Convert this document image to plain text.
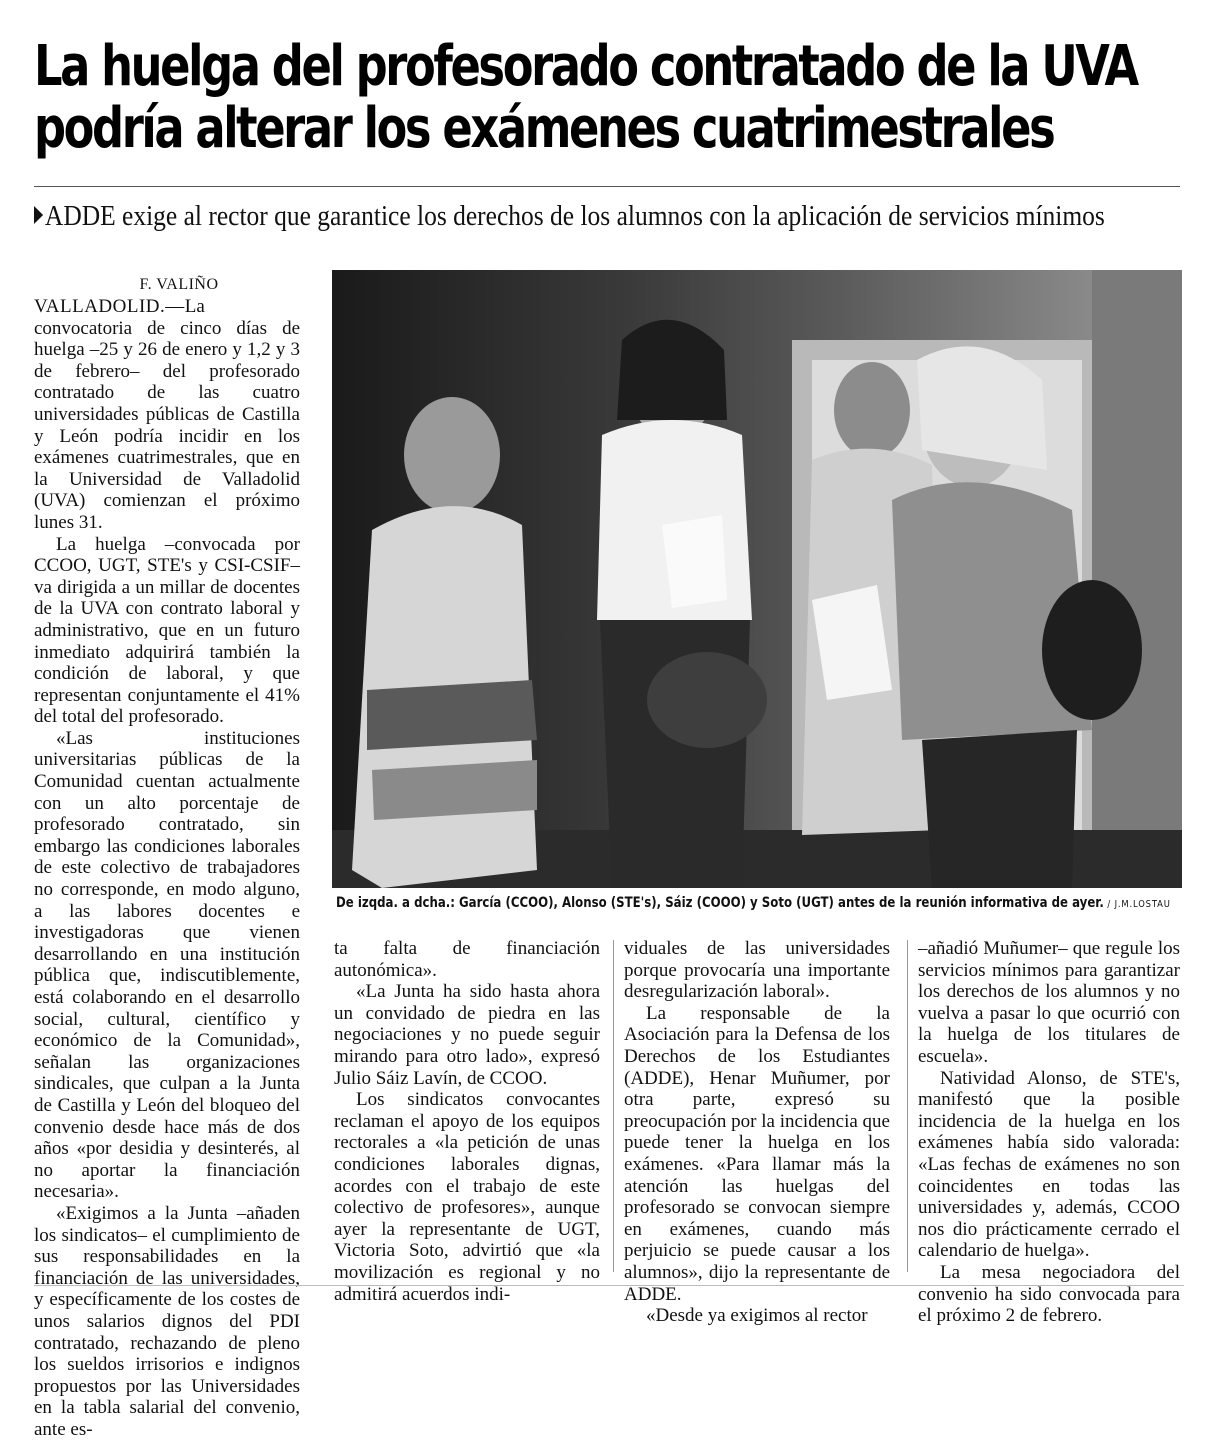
La huelga del profesorado contratado de la UVA
podría alterar los exámenes cuatrimestrales
ADDE exige al rector que garantice los derechos de los alumnos con la aplicación de servicios mínimos
F. VALIÑO

VALLADOLID.—La convocatoria de cinco días de huelga –25 y 26 de enero y 1,2 y 3 de febrero– del profesorado contratado de las cuatro universidades públicas de Castilla y León podría incidir en los exámenes cuatrimestrales, que en la Universidad de Valladolid (UVA) comienzan el próximo lunes 31.

La huelga –convocada por CCOO, UGT, STE's y CSI-CSIF– va dirigida a un millar de docentes de la UVA con contrato laboral y administrativo, que en un futuro inmediato adquirirá también la condición de laboral, y que representan conjuntamente el 41% del total del profesorado.

«Las instituciones universitarias públicas de la Comunidad cuentan actualmente con un alto porcentaje de profesorado contratado, sin embargo las condiciones laborales de este colectivo de trabajadores no corresponde, en modo alguno, a las labores docentes e investigadoras que vienen desarrollando en una institución pública que, indiscutiblemente, está colaborando en el desarrollo social, cultural, científico y económico de la Comunidad», señalan las organizaciones sindicales, que culpan a la Junta de Castilla y León del bloqueo del convenio desde hace más de dos años «por desidia y desinterés, al no aportar la financiación necesaria».

«Exigimos a la Junta –añaden los sindicatos– el cumplimiento de sus responsabilidades en la financiación de las universidades, y específicamente de los costes de unos salarios dignos del PDI contratado, rechazando de pleno los sueldos irrisorios e indignos propuestos por las Universidades en la tabla salarial del convenio, ante es-

De izqda. a dcha.: García (CCOO), Alonso (STE's), Sáiz (COOO) y Soto (UGT) antes de la reunión informativa de ayer. / J.M.LOSTAU

ta falta de financiación autonómica».

«La Junta ha sido hasta ahora un convidado de piedra en las negociaciones y no puede seguir mirando para otro lado», expresó Julio Sáiz Lavín, de CCOO.

Los sindicatos convocantes reclaman el apoyo de los equipos rectorales a «la petición de unas condiciones laborales dignas, acordes con el trabajo de este colectivo de profesores», aunque ayer la representante de UGT, Victoria Soto, advirtió que «la movilización es regional y no admitirá acuerdos indi-

viduales de las universidades porque provocaría una importante desregularización laboral».

La responsable de la Asociación para la Defensa de los Derechos de los Estudiantes (ADDE), Henar Muñumer, por otra parte, expresó su preocupación por la incidencia que puede tener la huelga en los exámenes. «Para llamar más la atención las huelgas del profesorado se convocan siempre en exámenes, cuando más perjuicio se puede causar a los alumnos», dijo la representante de ADDE.

«Desde ya exigimos al rector

–añadió Muñumer– que regule los servicios mínimos para garantizar los derechos de los alumnos y no vuelva a pasar lo que ocurrió con la huelga de los titulares de escuela».

Natividad Alonso, de STE's, manifestó que la posible incidencia de la huelga en los exámenes había sido valorada: «Las fechas de exámenes no son coincidentes en todas las universidades y, además, CCOO nos dio prácticamente cerrado el calendario de huelga».

La mesa negociadora del convenio ha sido convocada para el próximo 2 de febrero.
